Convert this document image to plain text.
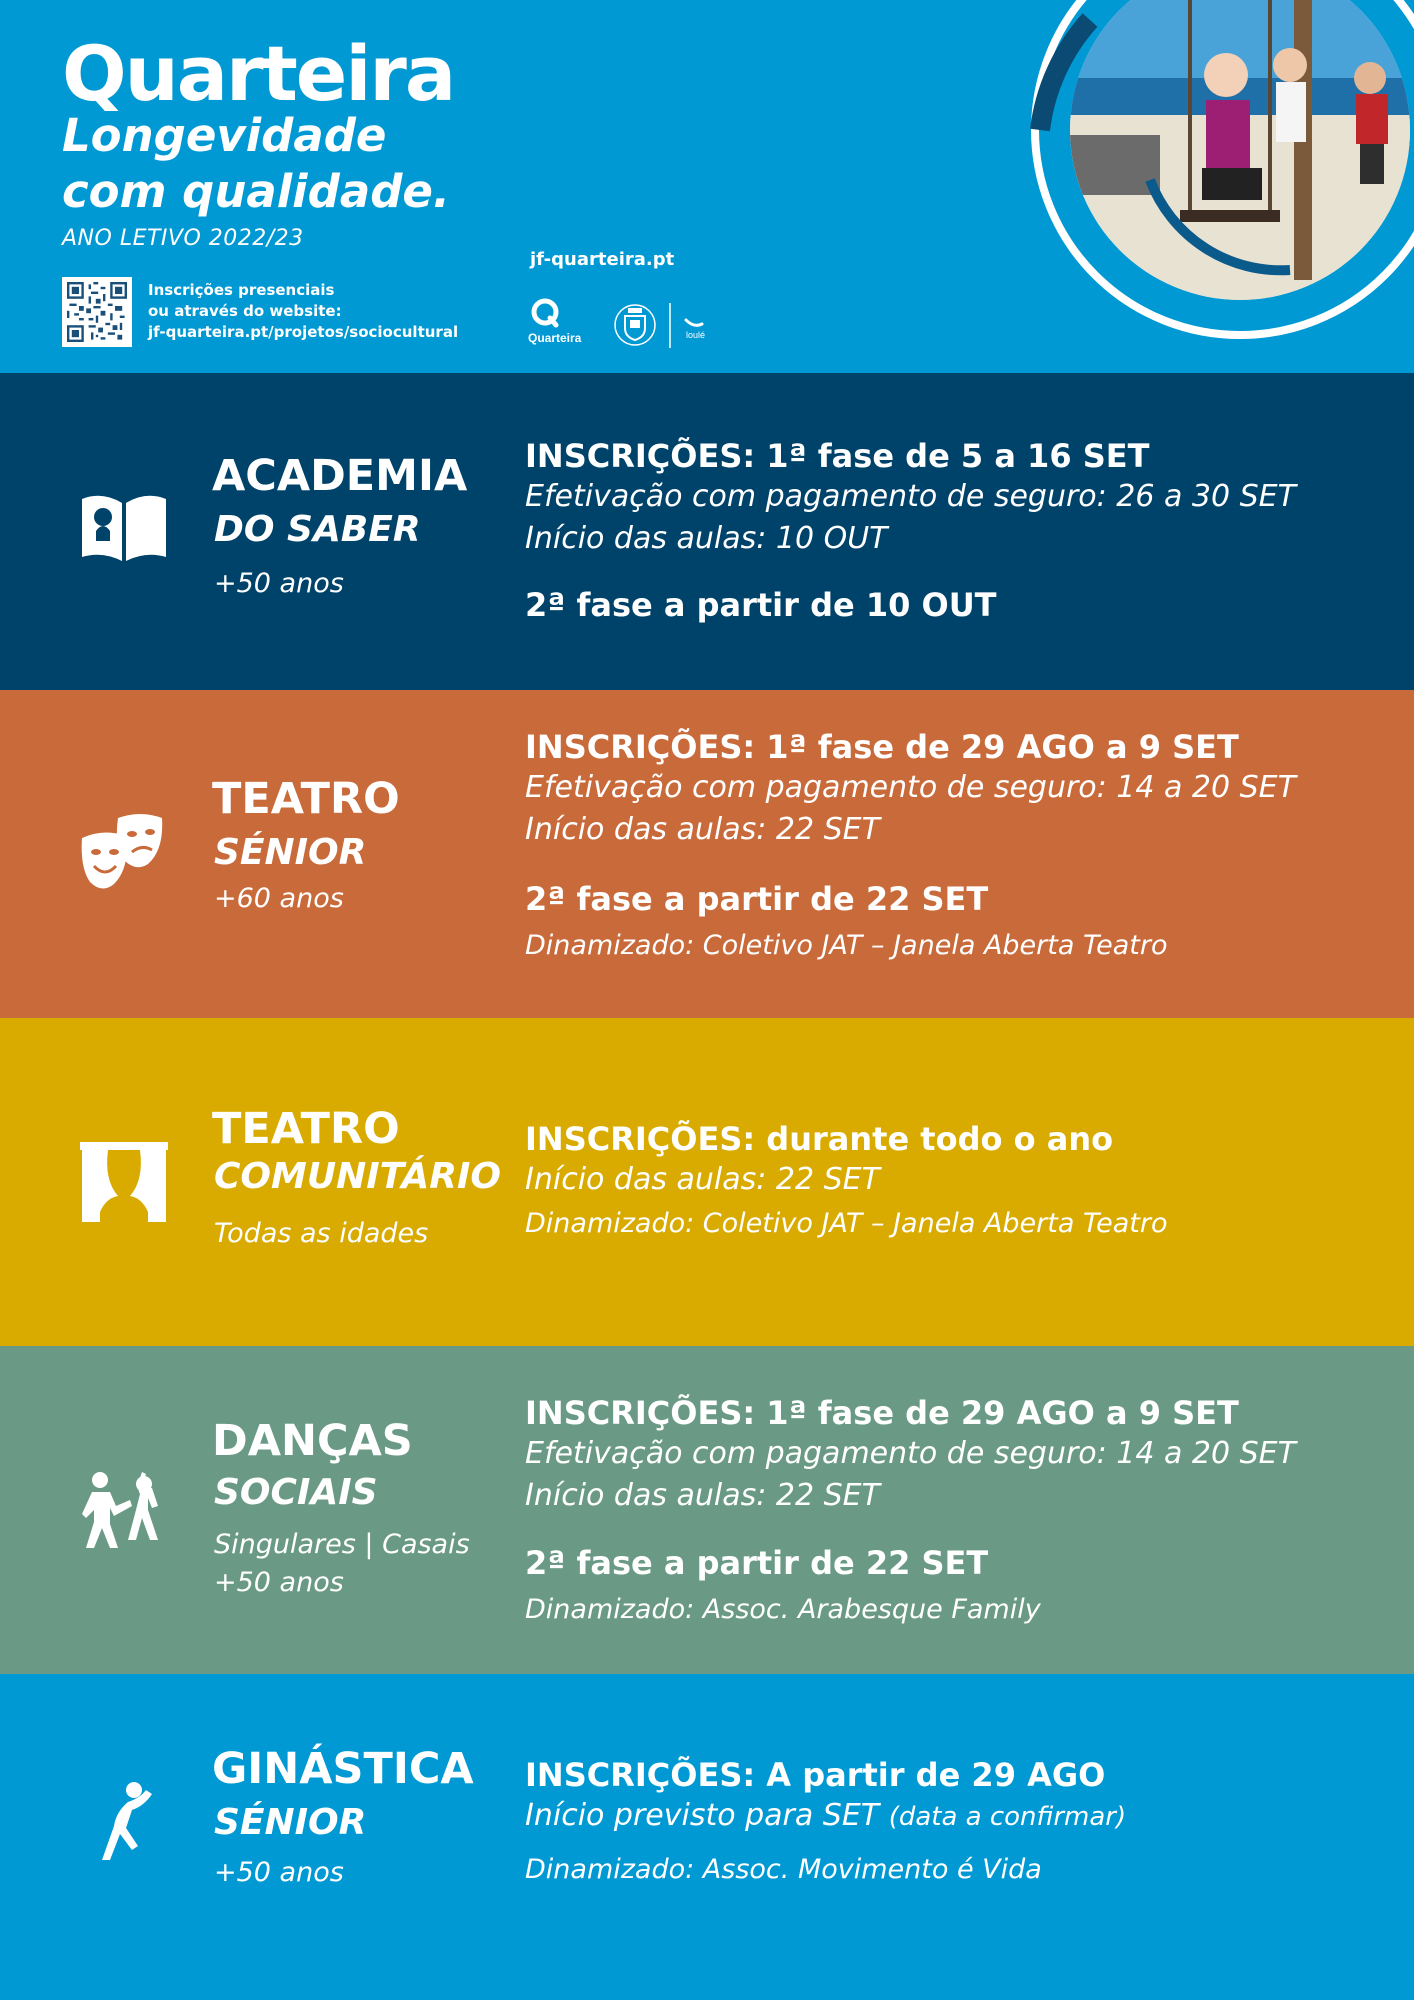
Quarteira
Longevidade
com qualidade.
ANO LETIVO 2022/23
Inscrições presenciais
ou através do website:
jf-quarteira.pt/projetos/sociocultural
jf-quarteira.pt
Quarteira	loulé
ACADEMIA
DO SABER
+50 anos
INSCRIÇÕES: 1ª fase de 5 a 16 SET
Efetivação com pagamento de seguro: 26 a 30 SET
Início das aulas: 10 OUT
2ª fase a partir de 10 OUT
TEATRO
SÉNIOR
+60 anos
INSCRIÇÕES: 1ª fase de 29 AGO a 9 SET
Efetivação com pagamento de seguro: 14 a 20 SET
Início das aulas: 22 SET
2ª fase a partir de 22 SET
Dinamizado: Coletivo JAT – Janela Aberta Teatro
TEATRO
COMUNITÁRIO
Todas as idades
INSCRIÇÕES: durante todo o ano
Início das aulas: 22 SET
Dinamizado: Coletivo JAT – Janela Aberta Teatro
DANÇAS
SOCIAIS
Singulares | Casais
+50 anos
INSCRIÇÕES: 1ª fase de 29 AGO a 9 SET
Efetivação com pagamento de seguro: 14 a 20 SET
Início das aulas: 22 SET
2ª fase a partir de 22 SET
Dinamizado: Assoc. Arabesque Family
GINÁSTICA
SÉNIOR
+50 anos
INSCRIÇÕES: A partir de 29 AGO
Início previsto para SET (data a confirmar)
Dinamizado: Assoc. Movimento é Vida
